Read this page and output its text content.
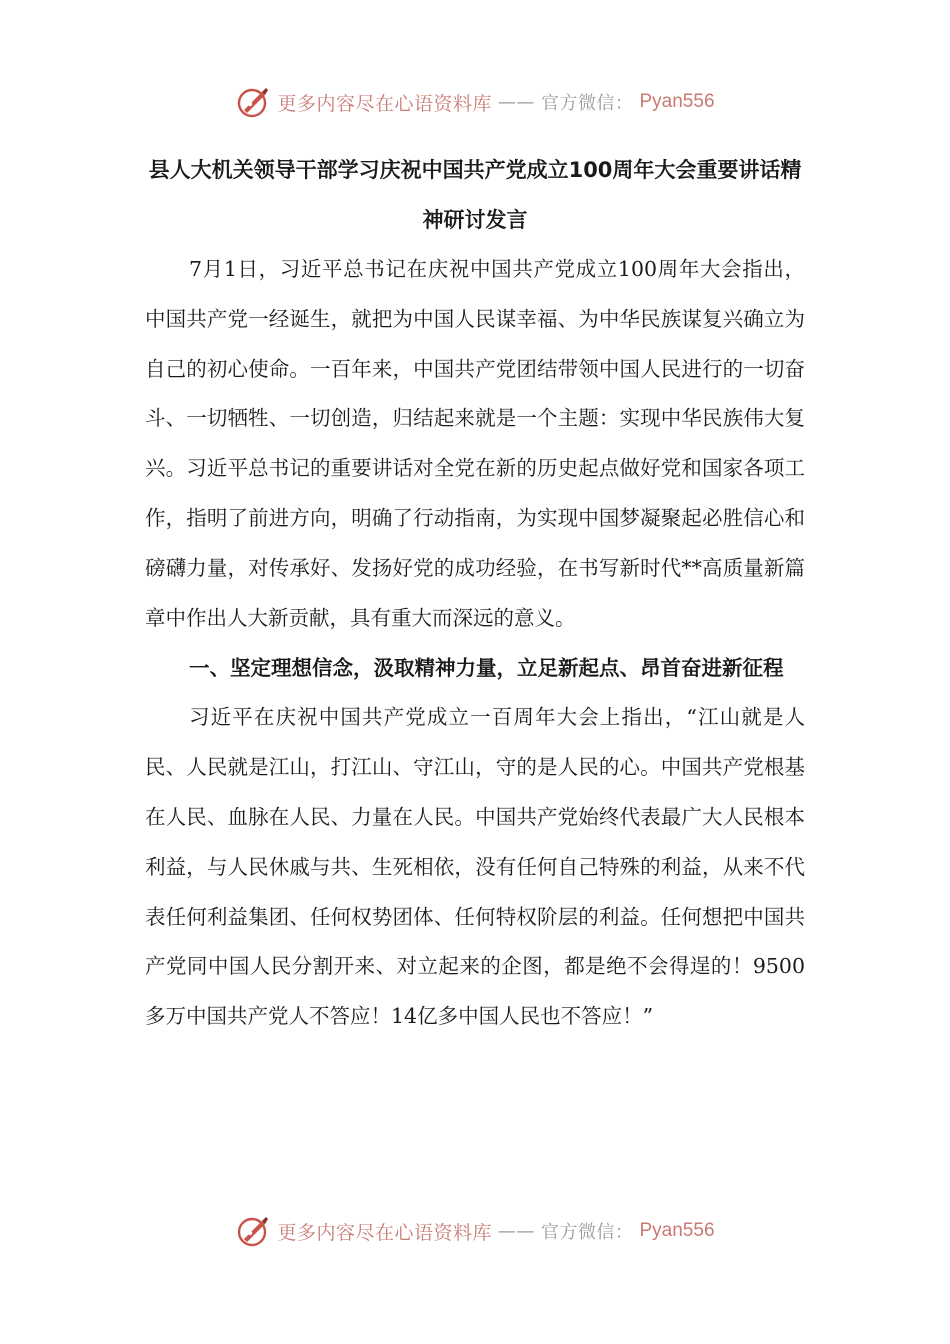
更多内容尽在心语资料库 —— 官方微信： Pyan556

县人大机关领导干部学习庆祝中国共产党成立100周年大会重要讲话精神研讨发言

7月1日，习近平总书记在庆祝中国共产党成立100周年大会指出，中国共产党一经诞生，就把为中国人民谋幸福、为中华民族谋复兴确立为自己的初心使命。一百年来，中国共产党团结带领中国人民进行的一切奋斗、一切牺牲、一切创造，归结起来就是一个主题：实现中华民族伟大复兴。习近平总书记的重要讲话对全党在新的历史起点做好党和国家各项工作，指明了前进方向，明确了行动指南，为实现中国梦凝聚起必胜信心和磅礴力量，对传承好、发扬好党的成功经验，在书写新时代**高质量新篇章中作出人大新贡献，具有重大而深远的意义。

一、坚定理想信念，汲取精神力量，立足新起点、昂首奋进新征程

习近平在庆祝中国共产党成立一百周年大会上指出，“江山就是人民、人民就是江山，打江山、守江山，守的是人民的心。中国共产党根基在人民、血脉在人民、力量在人民。中国共产党始终代表最广大人民根本利益，与人民休戚与共、生死相依，没有任何自己特殊的利益，从来不代表任何利益集团、任何权势团体、任何特权阶层的利益。任何想把中国共产党同中国人民分割开来、对立起来的企图，都是绝不会得逞的！9500多万中国共产党人不答应！14亿多中国人民也不答应！”

更多内容尽在心语资料库 —— 官方微信： Pyan556
